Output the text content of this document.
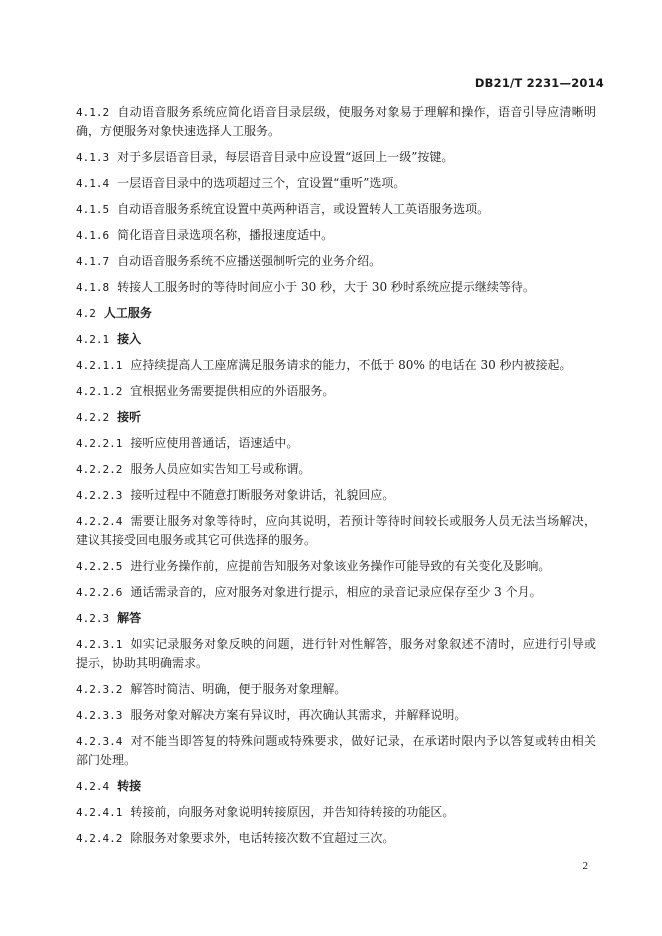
DB21/T 2231—2014
4.1.2 自动语音服务系统应简化语音目录层级，使服务对象易于理解和操作，语音引导应清晰明确，方便服务对象快速选择人工服务。
4.1.3 对于多层语音目录，每层语音目录中应设置“返回上一级”按键。
4.1.4 一层语音目录中的选项超过三个，宜设置“重听”选项。
4.1.5 自动语音服务系统宜设置中英两种语言，或设置转人工英语服务选项。
4.1.6 简化语音目录选项名称，播报速度适中。
4.1.7 自动语音服务系统不应播送强制听完的业务介绍。
4.1.8 转接人工服务时的等待时间应小于 30 秒，大于 30 秒时系统应提示继续等待。
4.2 人工服务
4.2.1 接入
4.2.1.1 应持续提高人工座席满足服务请求的能力，不低于 80% 的电话在 30 秒内被接起。
4.2.1.2 宜根据业务需要提供相应的外语服务。
4.2.2 接听
4.2.2.1 接听应使用普通话，语速适中。
4.2.2.2 服务人员应如实告知工号或称谓。
4.2.2.3 接听过程中不随意打断服务对象讲话，礼貌回应。
4.2.2.4 需要让服务对象等待时，应向其说明，若预计等待时间较长或服务人员无法当场解决，建议其接受回电服务或其它可供选择的服务。
4.2.2.5 进行业务操作前，应提前告知服务对象该业务操作可能导致的有关变化及影响。
4.2.2.6 通话需录音的，应对服务对象进行提示，相应的录音记录应保存至少 3 个月。
4.2.3 解答
4.2.3.1 如实记录服务对象反映的问题，进行针对性解答，服务对象叙述不清时，应进行引导或提示，协助其明确需求。
4.2.3.2 解答时简洁、明确，便于服务对象理解。
4.2.3.3 服务对象对解决方案有异议时，再次确认其需求，并解释说明。
4.2.3.4 对不能当即答复的特殊问题或特殊要求，做好记录，在承诺时限内予以答复或转由相关部门处理。
4.2.4 转接
4.2.4.1 转接前，向服务对象说明转接原因，并告知待转接的功能区。
4.2.4.2 除服务对象要求外，电话转接次数不宜超过三次。
2
